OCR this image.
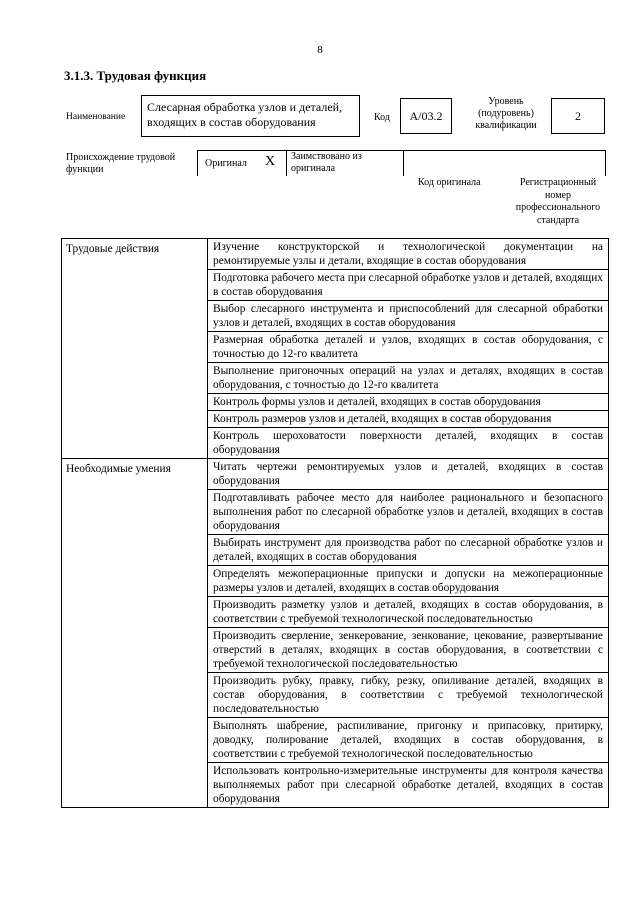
8
3.1.3. Трудовая функция
Наименование
Слесарная обработка узлов и деталей, входящих в состав оборудования	Код	А/03.2
Уровень (подуровень) квалификации
2
Происхождение трудовой функции
Оригинал X Заимствовано из оригинала
Код оригинала	Регистрационный номер профессионального стандарта
Трудовые действия	Изучение конструкторской и технологической документации на ремонтируемые узлы и детали, входящие в состав оборудования
	Подготовка рабочего места при слесарной обработке узлов и деталей, входящих в состав оборудования
	Выбор слесарного инструмента и приспособлений для слесарной обработки узлов и деталей, входящих в состав оборудования
	Размерная обработка деталей и узлов, входящих в состав оборудования, с точностью до 12-го квалитета
	Выполнение пригоночных операций на узлах и деталях, входящих в состав оборудования, с точностью до 12-го квалитета
	Контроль формы узлов и деталей, входящих в состав оборудования
	Контроль размеров узлов и деталей, входящих в состав оборудования
	Контроль шероховатости поверхности деталей, входящих в состав оборудования
Необходимые умения	Читать чертежи ремонтируемых узлов и деталей, входящих в состав оборудования
	Подготавливать рабочее место для наиболее рационального и безопасного выполнения работ по слесарной обработке узлов и деталей, входящих в состав оборудования
	Выбирать инструмент для производства работ по слесарной обработке узлов и деталей, входящих в состав оборудования
	Определять межоперационные припуски и допуски на межоперационные размеры узлов и деталей, входящих в состав оборудования
	Производить разметку узлов и деталей, входящих в состав оборудования, в соответствии с требуемой технологической последовательностью
	Производить сверление, зенкерование, зенкование, цекование, развертывание отверстий в деталях, входящих в состав оборудования, в соответствии с требуемой технологической последовательностью
	Производить рубку, правку, гибку, резку, опиливание деталей, входящих в состав оборудования, в соответствии с требуемой технологической последовательностью
	Выполнять шабрение, распиливание, пригонку и припасовку, притирку, доводку, полирование деталей, входящих в состав оборудования, в соответствии с требуемой технологической последовательностью
	Использовать контрольно-измерительные инструменты для контроля качества выполняемых работ при слесарной обработке деталей, входящих в состав оборудования
